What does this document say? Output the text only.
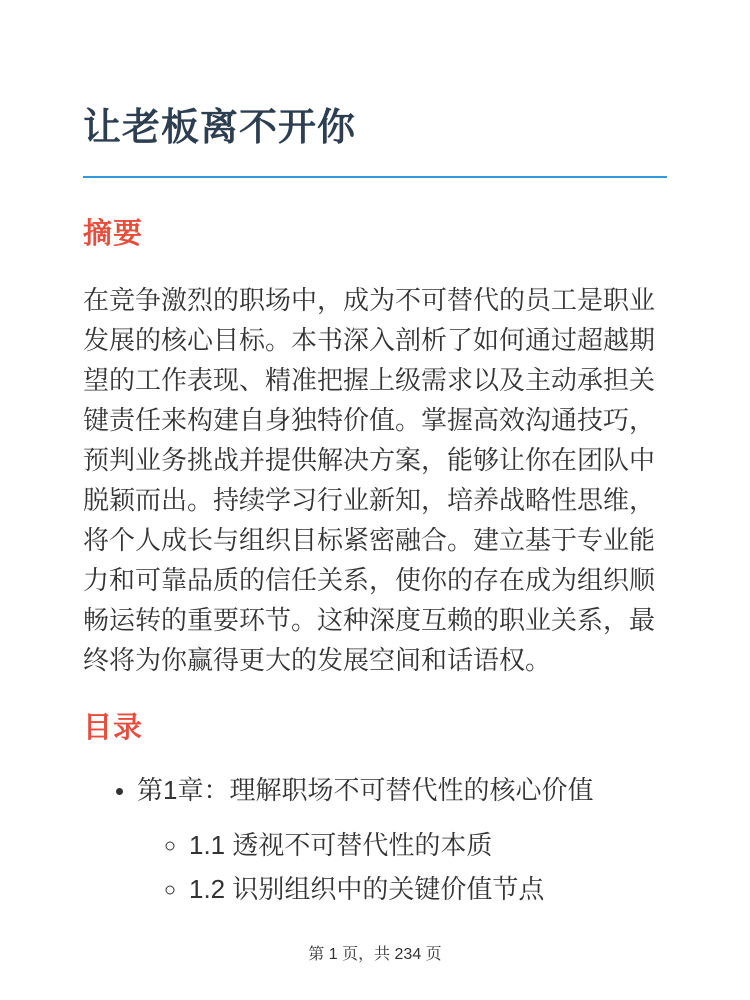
让老板离不开你
摘要

在竞争激烈的职场中，成为不可替代的员工是职业发展的核心目标。本书深入剖析了如何通过超越期望的工作表现、精准把握上级需求以及主动承担关键责任来构建自身独特价值。掌握高效沟通技巧，预判业务挑战并提供解决方案，能够让你在团队中脱颖而出。持续学习行业新知，培养战略性思维，将个人成长与组织目标紧密融合。建立基于专业能力和可靠品质的信任关系，使你的存在成为组织顺畅运转的重要环节。这种深度互赖的职业关系，最终将为你赢得更大的发展空间和话语权。

目录
• 第1章：理解职场不可替代性的核心价值
◦ 1.1 透视不可替代性的本质
◦ 1.2 识别组织中的关键价值节点
第 1 页，共 234 页
